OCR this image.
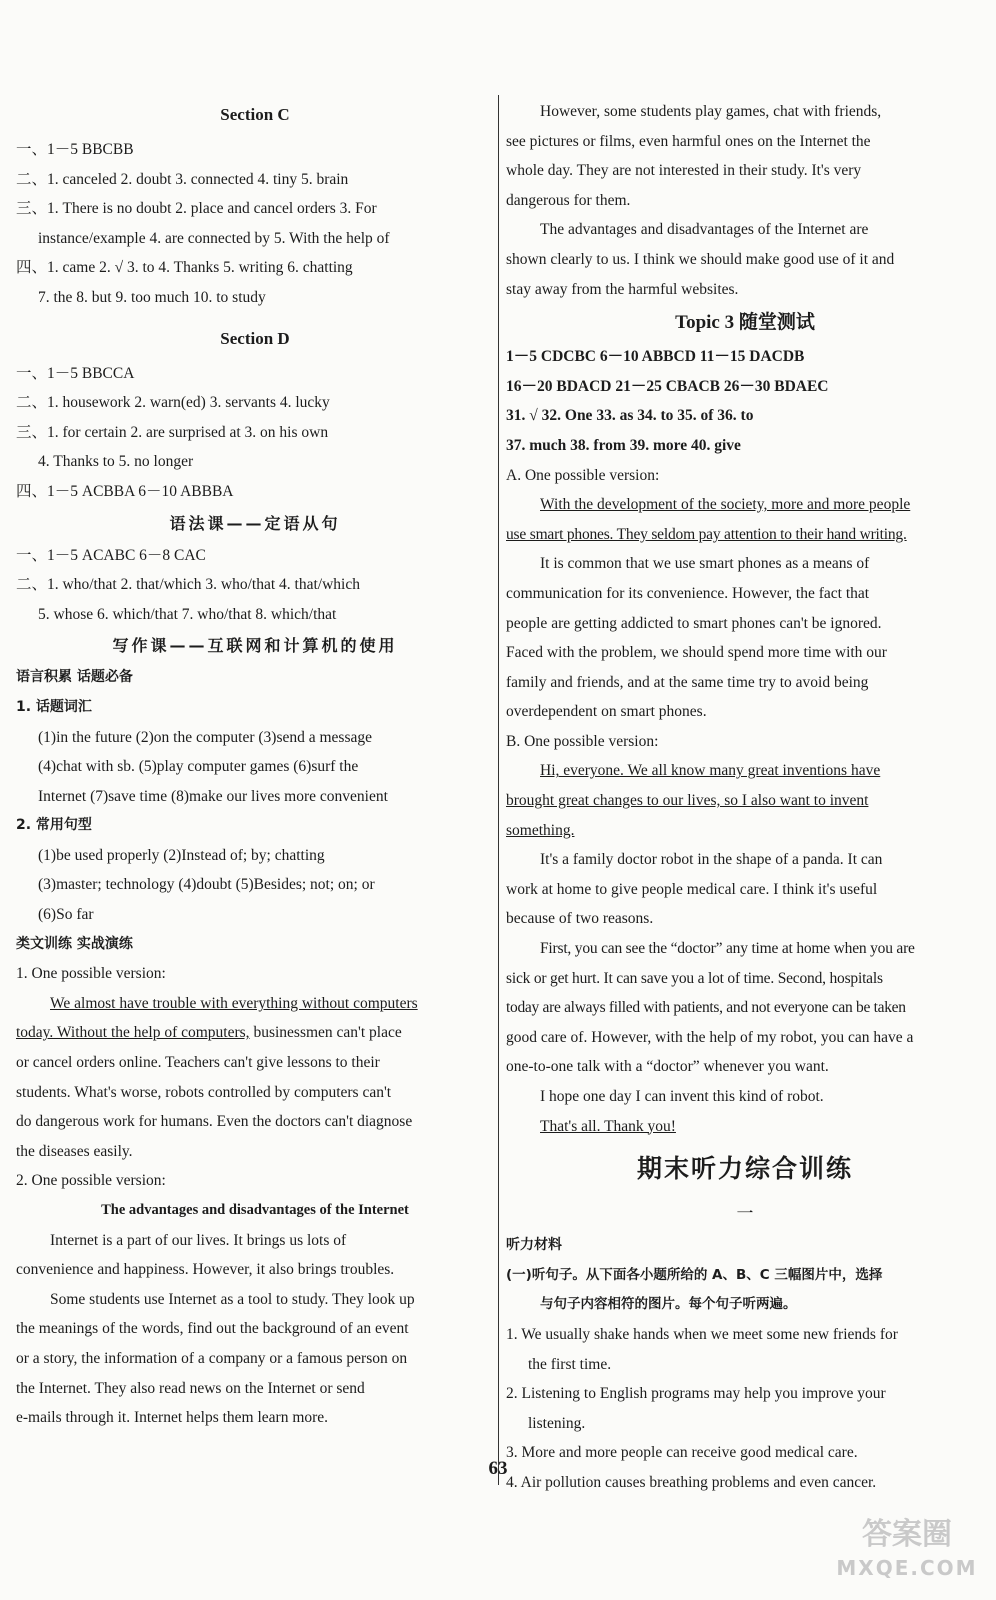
Section C
一、1－5 BBCBB
二、1. canceled 2. doubt 3. connected 4. tiny 5. brain
三、1. There is no doubt 2. place and cancel orders 3. For
instance/example 4. are connected by 5. With the help of
四、1. came 2. √ 3. to 4. Thanks 5. writing 6. chatting
7. the 8. but 9. too much 10. to study
Section D
一、1－5 BBCCA
二、1. housework 2. warn(ed) 3. servants 4. lucky
三、1. for certain 2. are surprised at 3. on his own
4. Thanks to 5. no longer
四、1－5 ACBBA 6－10 ABBBA
语法课——定语从句
一、1－5 ACABC 6－8 CAC
二、1. who/that 2. that/which 3. who/that 4. that/which
5. whose 6. which/that 7. who/that 8. which/that
写作课——互联网和计算机的使用
语言积累 话题必备
1. 话题词汇
(1)in the future (2)on the computer (3)send a message
(4)chat with sb. (5)play computer games (6)surf the
Internet (7)save time (8)make our lives more convenient
2. 常用句型
(1)be used properly (2)Instead of; by; chatting
(3)master; technology (4)doubt (5)Besides; not; on; or
(6)So far
类文训练 实战演练
1. One possible version:
We almost have trouble with everything without computers
today. Without the help of computers, businessmen can't place
or cancel orders online. Teachers can't give lessons to their
students. What's worse, robots controlled by computers can't
do dangerous work for humans. Even the doctors can't diagnose
the diseases easily.
2. One possible version:
The advantages and disadvantages of the Internet
Internet is a part of our lives. It brings us lots of
convenience and happiness. However, it also brings troubles.
Some students use Internet as a tool to study. They look up
the meanings of the words, find out the background of an event
or a story, the information of a company or a famous person on
the Internet. They also read news on the Internet or send
e-mails through it. Internet helps them learn more.
However, some students play games, chat with friends,
see pictures or films, even harmful ones on the Internet the
whole day. They are not interested in their study. It's very
dangerous for them.
The advantages and disadvantages of the Internet are
shown clearly to us. I think we should make good use of it and
stay away from the harmful websites.
Topic 3 随堂测试
1－5 CDCBC 6－10 ABBCD 11－15 DACDB
16－20 BDACD 21－25 CBACB 26－30 BDAEC
31. √ 32. One 33. as 34. to 35. of 36. to
37. much 38. from 39. more 40. give
A. One possible version:
With the development of the society, more and more people
use smart phones. They seldom pay attention to their hand writing.
It is common that we use smart phones as a means of
communication for its convenience. However, the fact that
people are getting addicted to smart phones can't be ignored.
Faced with the problem, we should spend more time with our
family and friends, and at the same time try to avoid being
overdependent on smart phones.
B. One possible version:
Hi, everyone. We all know many great inventions have
brought great changes to our lives, so I also want to invent
something.
It's a family doctor robot in the shape of a panda. It can
work at home to give people medical care. I think it's useful
because of two reasons.
First, you can see the “doctor” any time at home when you are
sick or get hurt. It can save you a lot of time. Second, hospitals
today are always filled with patients, and not everyone can be taken
good care of. However, with the help of my robot, you can have a
one-to-one talk with a “doctor” whenever you want.
I hope one day I can invent this kind of robot.
That's all. Thank you!
期末听力综合训练
一
听力材料
(一)听句子。从下面各小题所给的 A、B、C 三幅图片中，选择
与句子内容相符的图片。每个句子听两遍。
1. We usually shake hands when we meet some new friends for
the first time.
2. Listening to English programs may help you improve your
listening.
3. More and more people can receive good medical care.
4. Air pollution causes breathing problems and even cancer.
63
答案圈
MXQE.COM
